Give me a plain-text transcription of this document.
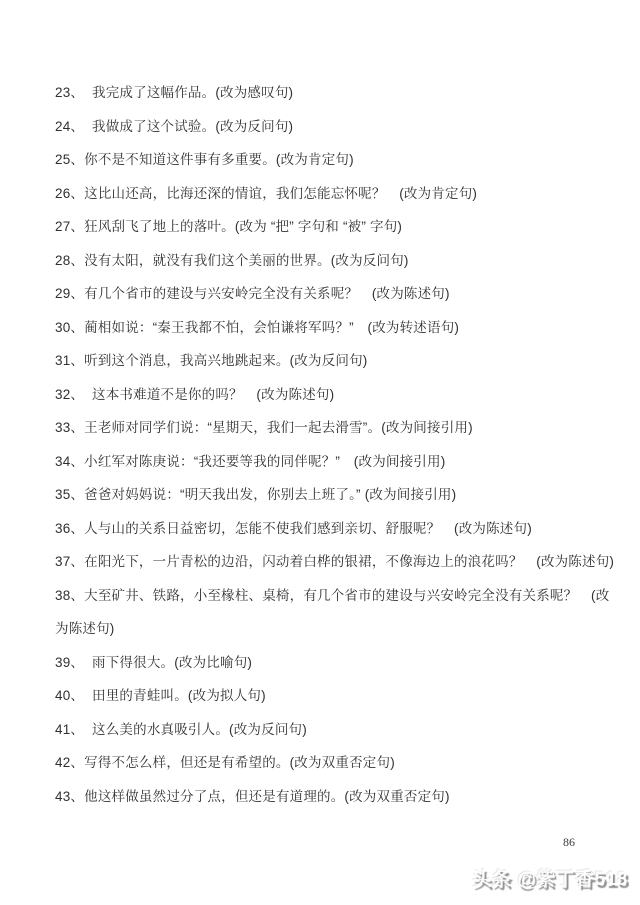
23、  我完成了这幅作品。(改为感叹句)
24、  我做成了这个试验。(改为反问句)
25、你不是不知道这件事有多重要。(改为肯定句)
26、这比山还高，比海还深的情谊，我们怎能忘怀呢？　(改为肯定句)
27、狂风刮飞了地上的落叶。(改为 “把” 字句和 “被” 字句)
28、没有太阳，就没有我们这个美丽的世界。(改为反问句)
29、有几个省市的建设与兴安岭完全没有关系呢？　(改为陈述句)
30、蔺相如说：“秦王我都不怕，会怕谦将军吗？”　(改为转述语句)
31、听到这个消息，我高兴地跳起来。(改为反问句)
32、  这本书难道不是你的吗？　(改为陈述句)
33、王老师对同学们说：“星期天，我们一起去滑雪”。(改为间接引用)
34、小红军对陈庚说：“我还要等我的同伴呢？”　(改为间接引用)
35、爸爸对妈妈说：“明天我出发，你别去上班了。” (改为间接引用)
36、人与山的关系日益密切，怎能不使我们感到亲切、舒服呢？　(改为陈述句)
37、在阳光下，一片青松的边沿，闪动着白桦的银裙，不像海边上的浪花吗？　(改为陈述句)
38、大至矿井、铁路，小至椽柱、桌椅，有几个省市的建设与兴安岭完全没有关系呢？　(改
为陈述句)
39、  雨下得很大。(改为比喻句)
40、  田里的青蛙叫。(改为拟人句)
41、  这么美的水真吸引人。(改为反问句)
42、写得不怎么样，但还是有希望的。(改为双重否定句)
43、他这样做虽然过分了点，但还是有道理的。(改为双重否定句)
86
头条 @紫丁香518
